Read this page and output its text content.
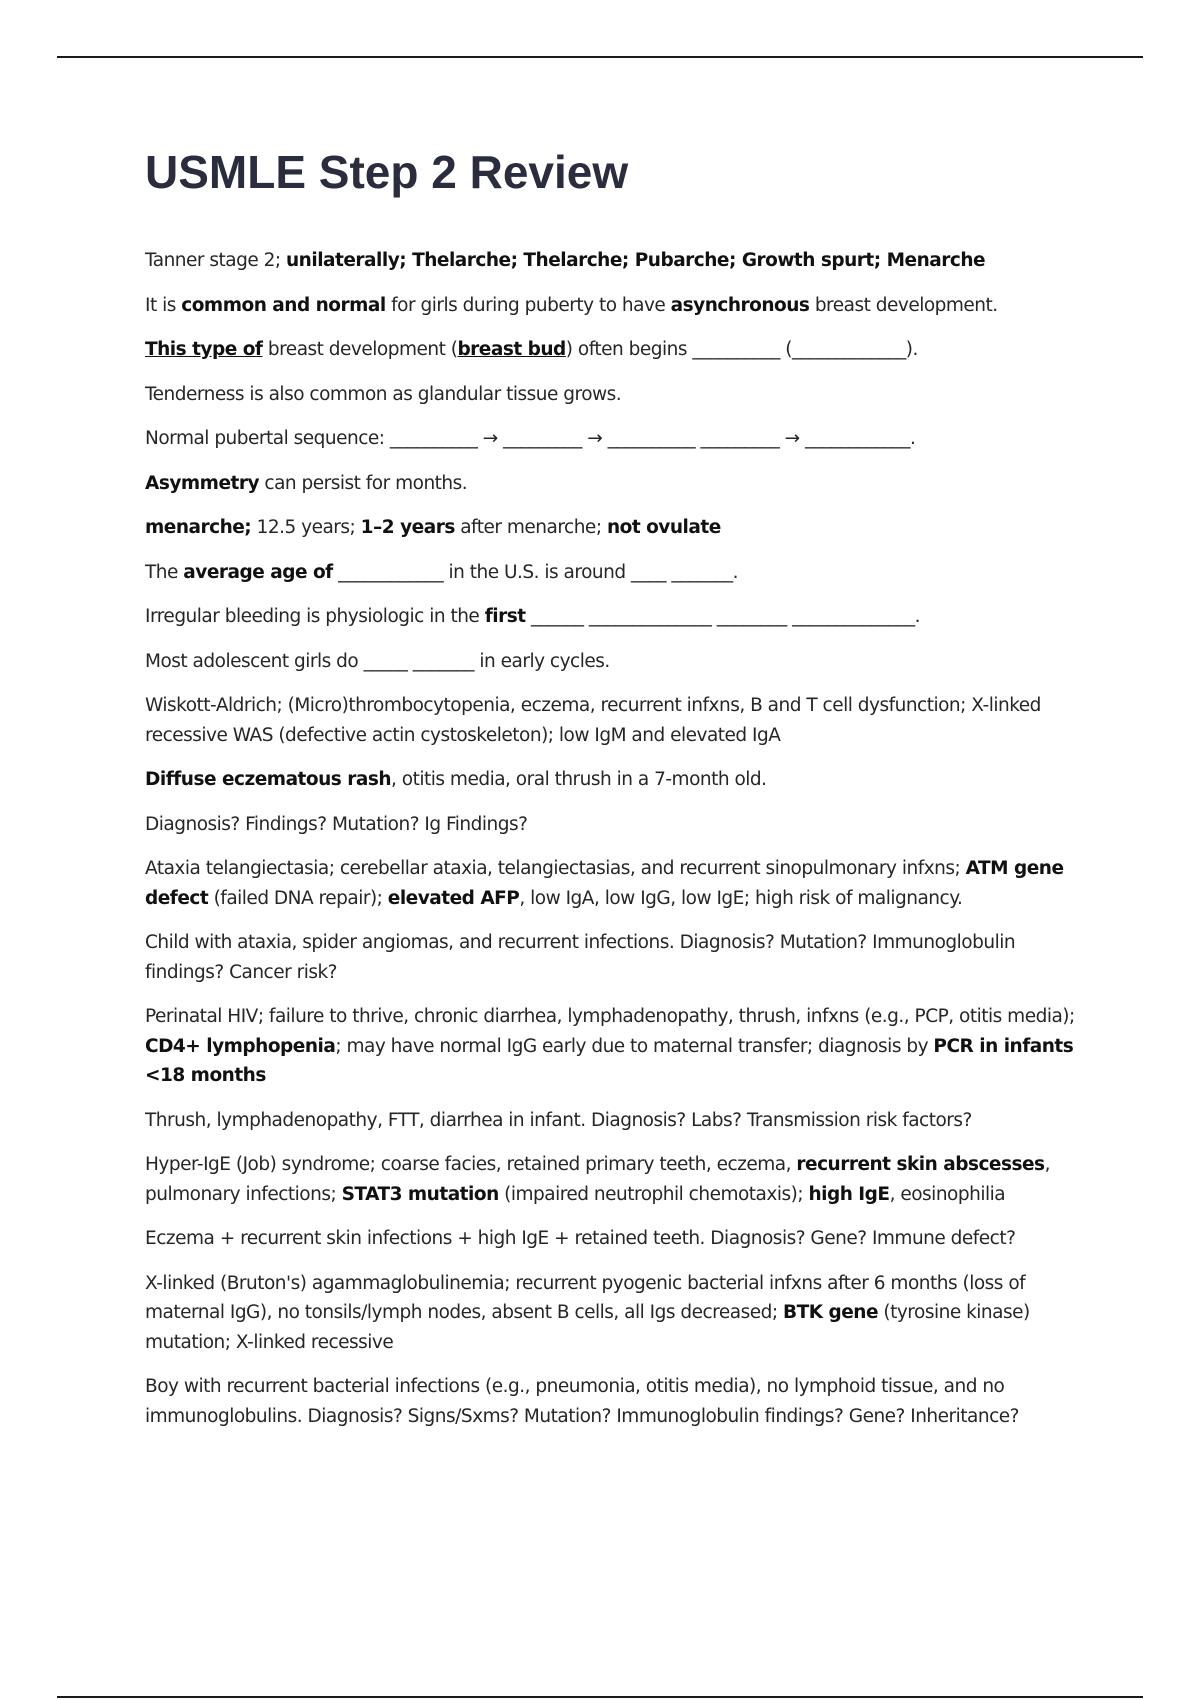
USMLE Step 2 Review

Tanner stage 2; unilaterally; Thelarche; Thelarche; Pubarche; Growth spurt; Menarche

It is common and normal for girls during puberty to have asynchronous breast development.

This type of breast development (breast bud) often begins __________ (_____________).

Tenderness is also common as glandular tissue grows.

Normal pubertal sequence: __________ → _________ → __________ _________ → ____________.

Asymmetry can persist for months.

menarche; 12.5 years; 1–2 years after menarche; not ovulate

The average age of ____________ in the U.S. is around ____ _______.

Irregular bleeding is physiologic in the first ______ ______________ ________ ______________.

Most adolescent girls do _____ _______ in early cycles.

Wiskott-Aldrich; (Micro)thrombocytopenia, eczema, recurrent infxns, B and T cell dysfunction; X-linked recessive WAS (defective actin cystoskeleton); low IgM and elevated IgA

Diffuse eczematous rash, otitis media, oral thrush in a 7-month old.

Diagnosis? Findings? Mutation? Ig Findings?

Ataxia telangiectasia; cerebellar ataxia, telangiectasias, and recurrent sinopulmonary infxns; ATM gene defect (failed DNA repair); elevated AFP, low IgA, low IgG, low IgE; high risk of malignancy.

Child with ataxia, spider angiomas, and recurrent infections. Diagnosis? Mutation? Immunoglobulin findings? Cancer risk?

Perinatal HIV; failure to thrive, chronic diarrhea, lymphadenopathy, thrush, infxns (e.g., PCP, otitis media); CD4+ lymphopenia; may have normal IgG early due to maternal transfer; diagnosis by PCR in infants <18 months

Thrush, lymphadenopathy, FTT, diarrhea in infant. Diagnosis? Labs? Transmission risk factors?

Hyper-IgE (Job) syndrome; coarse facies, retained primary teeth, eczema, recurrent skin abscesses, pulmonary infections; STAT3 mutation (impaired neutrophil chemotaxis); high IgE, eosinophilia

Eczema + recurrent skin infections + high IgE + retained teeth. Diagnosis? Gene? Immune defect?

X-linked (Bruton's) agammaglobulinemia; recurrent pyogenic bacterial infxns after 6 months (loss of maternal IgG), no tonsils/lymph nodes, absent B cells, all Igs decreased; BTK gene (tyrosine kinase) mutation; X-linked recessive

Boy with recurrent bacterial infections (e.g., pneumonia, otitis media), no lymphoid tissue, and no immunoglobulins. Diagnosis? Signs/Sxms? Mutation? Immunoglobulin findings? Gene? Inheritance?
